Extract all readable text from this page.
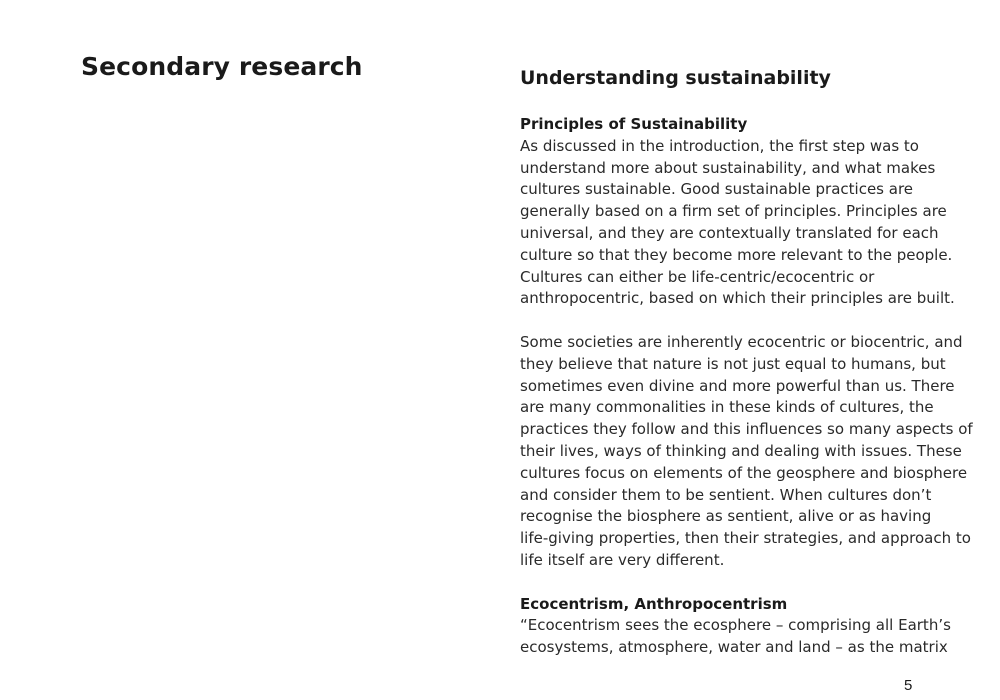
Secondary research	Understanding sustainability
Principles of Sustainability

As discussed in the introduction, the first step was to
understand more about sustainability, and what makes
cultures sustainable. Good sustainable practices are
generally based on a firm set of principles. Principles are
universal, and they are contextually translated for each
culture so that they become more relevant to the people.
Cultures can either be life-centric/ecocentric or
anthropocentric, based on which their principles are built.

Some societies are inherently ecocentric or biocentric, and
they believe that nature is not just equal to humans, but
sometimes even divine and more powerful than us. There
are many commonalities in these kinds of cultures, the
practices they follow and this influences so many aspects of
their lives, ways of thinking and dealing with issues. These
cultures focus on elements of the geosphere and biosphere
and consider them to be sentient. When cultures don’t
recognise the biosphere as sentient, alive or as having
life-giving properties, then their strategies, and approach to
life itself are very different.

Ecocentrism, Anthropocentrism

“Ecocentrism sees the ecosphere – comprising all Earth’s
ecosystems, atmosphere, water and land – as the matrix

5
